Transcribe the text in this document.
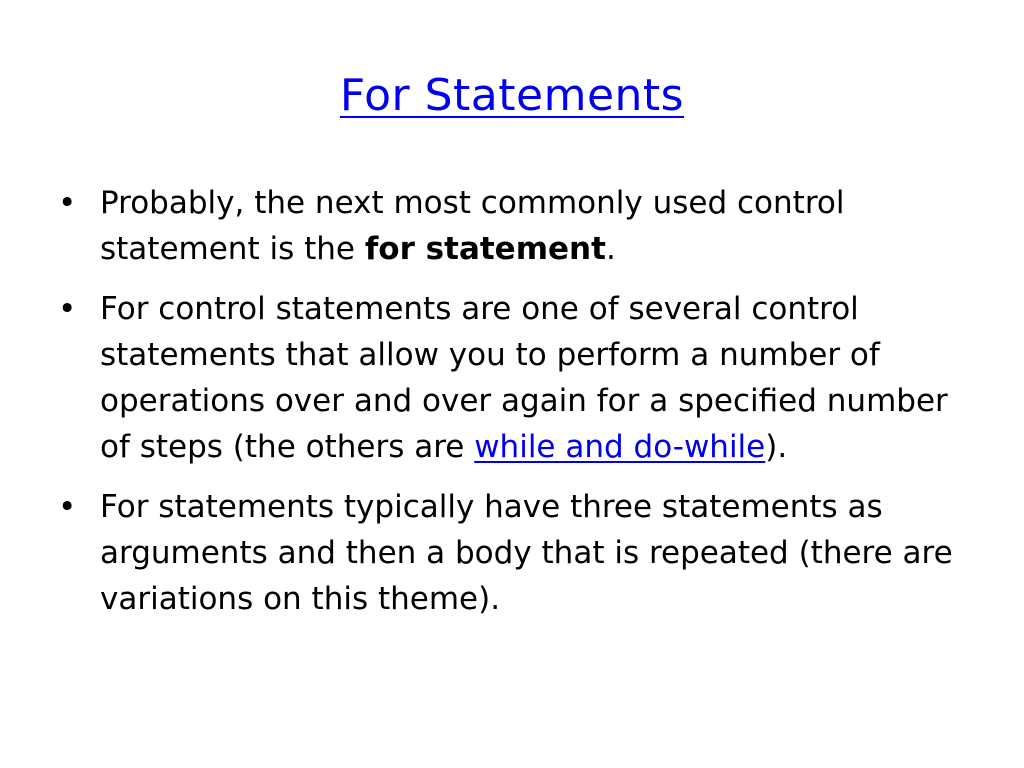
For Statements
• Probably, the next most commonly used control statement is the for statement.
• For control statements are one of several control statements that allow you to perform a number of operations over and over again for a specified number of steps (the others are while and do-while).
• For statements typically have three statements as arguments and then a body that is repeated (there are variations on this theme).
